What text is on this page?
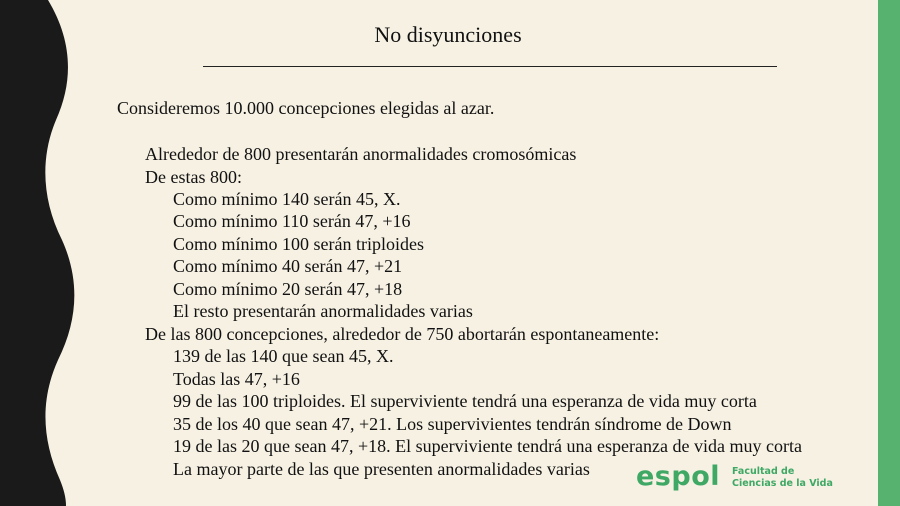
No disyunciones
Consideremos 10.000 concepciones elegidas al azar.
Alrededor de 800 presentarán anormalidades cromosómicas
De estas 800:
Como mínimo 140 serán 45, X.
Como mínimo 110 serán 47, +16
Como mínimo 100 serán triploides
Como mínimo 40 serán 47, +21
Como mínimo 20 serán 47, +18
El resto presentarán anormalidades varias
De las 800 concepciones, alrededor de 750 abortarán espontaneamente:
139 de las 140 que sean 45, X.
Todas las 47, +16
99 de las 100 triploides. El superviviente tendrá una esperanza de vida muy corta
35 de los 40 que sean 47, +21. Los supervivientes tendrán síndrome de Down
19 de las 20 que sean 47, +18. El superviviente tendrá una esperanza de vida muy corta
La mayor parte de las que presenten anormalidades varias espol Facultad de
Ciencias de la Vida
